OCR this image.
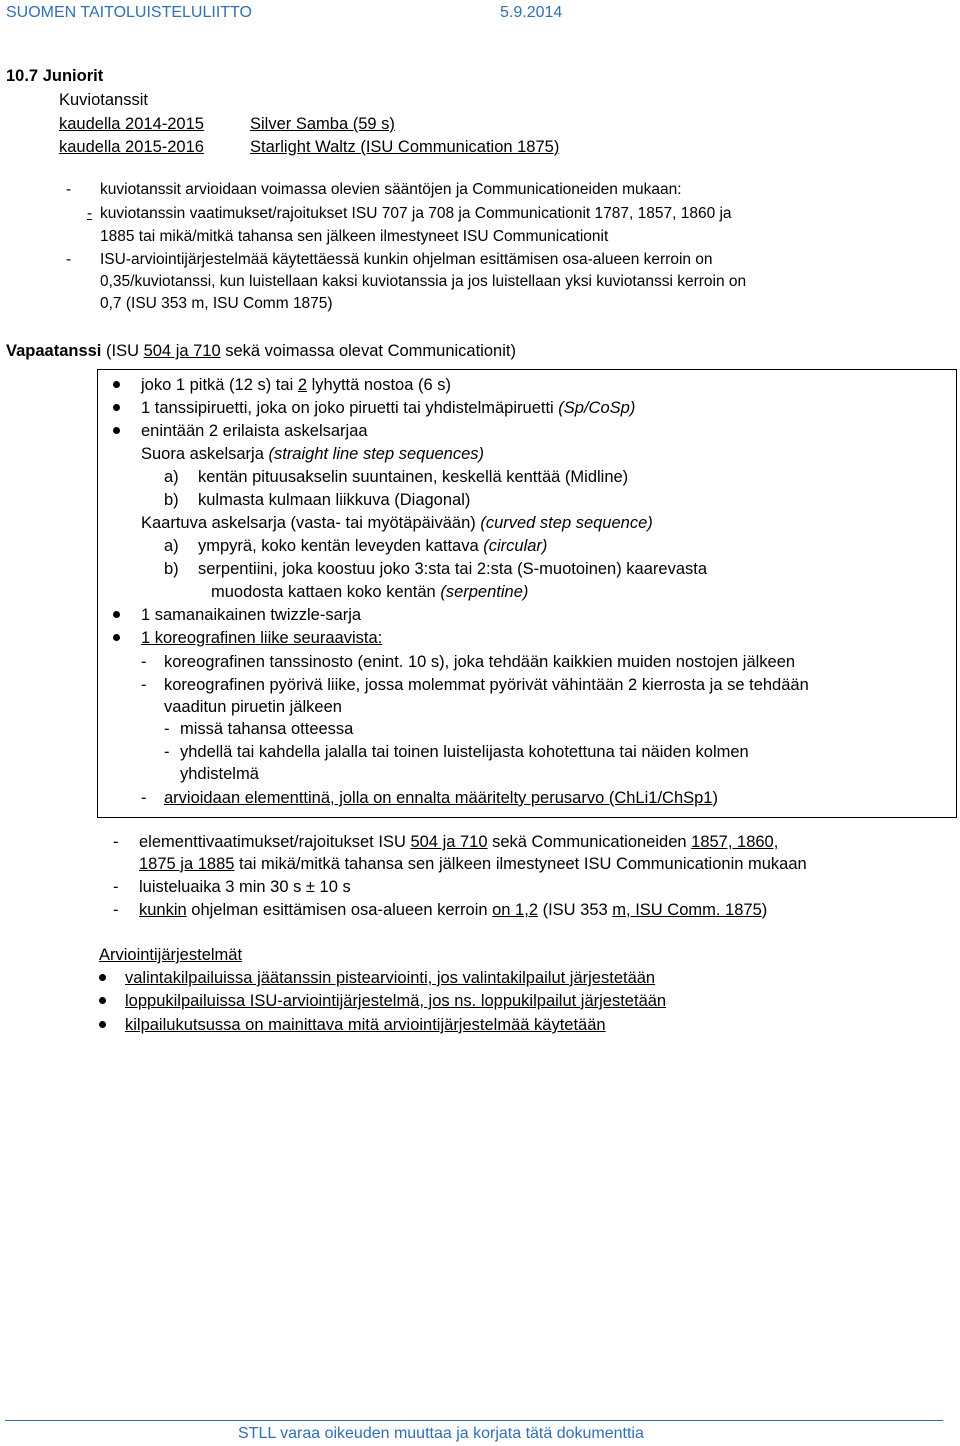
SUOMEN TAITOLUISTELULIITTO	5.9.2014
10.7 Juniorit
Kuviotanssit
kaudella 2014-2015	Silver Samba (59 s)
kaudella 2015-2016	Starlight Waltz (ISU Communication 1875)
- kuviotanssit arvioidaan voimassa olevien sääntöjen ja Communicationeiden mukaan:
- kuviotanssin vaatimukset/rajoitukset ISU 707 ja 708 ja Communicationit 1787, 1857, 1860 ja
1885 tai mikä/mitkä tahansa sen jälkeen ilmestyneet ISU Communicationit
- ISU-arviointijärjestelmää käytettäessä kunkin ohjelman esittämisen osa-alueen kerroin on
0,35/kuviotanssi, kun luistellaan kaksi kuviotanssia ja jos luistellaan yksi kuviotanssi kerroin on
0,7 (ISU 353 m, ISU Comm 1875)
Vapaatanssi (ISU 504 ja 710 sekä voimassa olevat Communicationit)
joko 1 pitkä (12 s) tai 2 lyhyttä nostoa (6 s)
1 tanssipiruetti, joka on joko piruetti tai yhdistelmäpiruetti (Sp/CoSp)
enintään 2 erilaista askelsarjaa
Suora askelsarja (straight line step sequences)
a) kentän pituusakselin suuntainen, keskellä kenttää (Midline)
b) kulmasta kulmaan liikkuva (Diagonal)
Kaartuva askelsarja (vasta- tai myötäpäivään) (curved step sequence)
a) ympyrä, koko kentän leveyden kattava (circular)
b) serpentiini, joka koostuu joko 3:sta tai 2:sta (S-muotoinen) kaarevasta
muodosta kattaen koko kentän (serpentine)
1 samanaikainen twizzle-sarja
1 koreografinen liike seuraavista:
- koreografinen tanssinosto (enint. 10 s), joka tehdään kaikkien muiden nostojen jälkeen
- koreografinen pyörivä liike, jossa molemmat pyörivät vähintään 2 kierrosta ja se tehdään
vaaditun piruetin jälkeen
- missä tahansa otteessa
- yhdellä tai kahdella jalalla tai toinen luistelijasta kohotettuna tai näiden kolmen
yhdistelmä
- arvioidaan elementtinä, jolla on ennalta määritelty perusarvo (ChLi1/ChSp1)
- elementtivaatimukset/rajoitukset ISU 504 ja 710 sekä Communicationeiden 1857, 1860,
1875 ja 1885 tai mikä/mitkä tahansa sen jälkeen ilmestyneet ISU Communicationin mukaan
- luisteluaika 3 min 30 s ± 10 s
- kunkin ohjelman esittämisen osa-alueen kerroin on 1,2 (ISU 353 m, ISU Comm. 1875)
Arviointijärjestelmät
valintakilpailuissa jäätanssin pistearviointi, jos valintakilpailut järjestetään
loppukilpailuissa ISU-arviointijärjestelmä, jos ns. loppukilpailut järjestetään
kilpailukutsussa on mainittava mitä arviointijärjestelmää käytetään
STLL varaa oikeuden muuttaa ja korjata tätä dokumenttia
